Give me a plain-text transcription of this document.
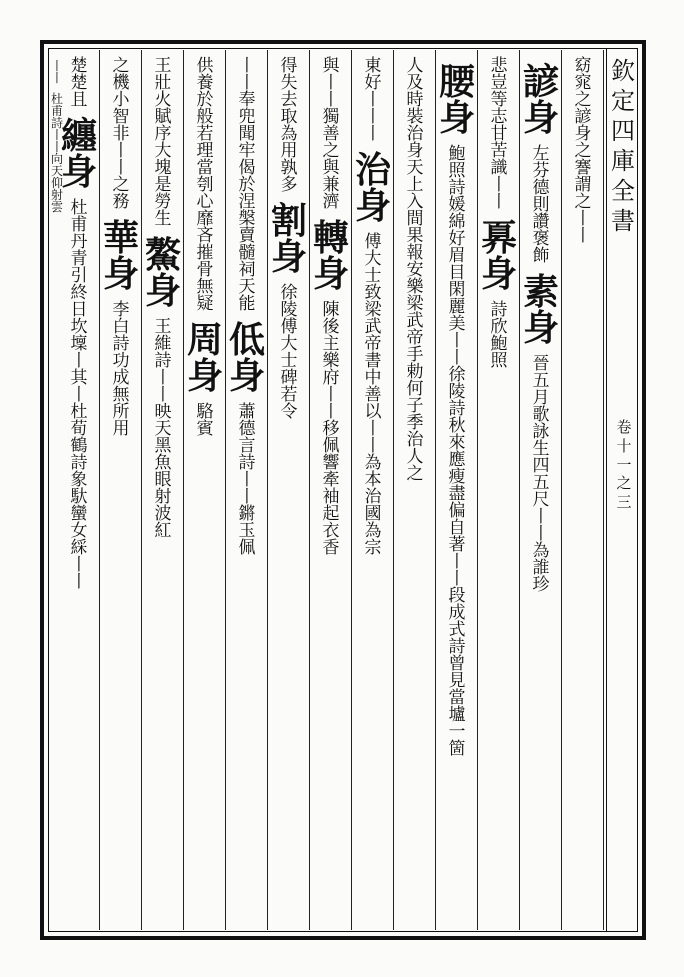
欽定四庫全書
卷十一之三
窈
窕
之
諺
身
之
謇
謂
之
丨
丨
諺
身
左
芬
德
則
讚
褒
飾
素
身
晉
五
月
歌
詠
生
四
五
尺
丨
丨
為
誰
珍
悲
豈
等
志
甘
苦
識
丨
丨
奡
身
詩
欣
鮑
照
腰
身
鮑
照
詩
媛
綿
好
眉
目
閑
麗
美
丨
丨
徐
陵
詩
秋
來
應
瘦
盡
偏
自
著
丨
丨
段
成
式
詩
曾
見
當
壚
一
箇
人
及
時
裝
治
身
天
上
入
間
果
報
安
樂
梁
武
帝
手
勅
何
子
季
治
人
之
東
好
丨
丨
丨
治
身
傅
大
士
致
梁
武
帝
書
中
善
以
丨
丨
為
本
治
國
為
宗
與
丨
丨
獨
善
之
與
兼
濟
轉
身
陳
後
主
樂
府
丨
丨
移
佩
響
牽
袖
起
衣
香
得
失
去
取
為
用
孰
多
割
身
徐
陵
傅
大
士
碑
若
令
丨
丨
奉
兜
聞
牢
偈
於
涅
槃
賣
髓
祠
天
能
低
身
蕭
德
言
詩
丨
丨
鏘
玉
佩
供
養
於
般
若
理
當
刳
心
靡
吝
摧
骨
無
疑
周
身
駱
賓
王
壯
火
賦
序
大
塊
是
勞
生
鰲
身
王
維
詩
丨
丨
映
天
黑
魚
眼
射
波
紅
之
機
小
智
非
丨
丨
之
務
華
身
李
白
詩
功
成
無
所
用
楚
楚
且
纏
身
杜
甫
丹
青
引
終
日
坎
壈
丨
其
丨
杜
荀
鶴
詩
象
馱
蠻
女
綵
丨
丨
丨
丨
杜
甫
詩
丨
丨
向
天
仰
射
雲
